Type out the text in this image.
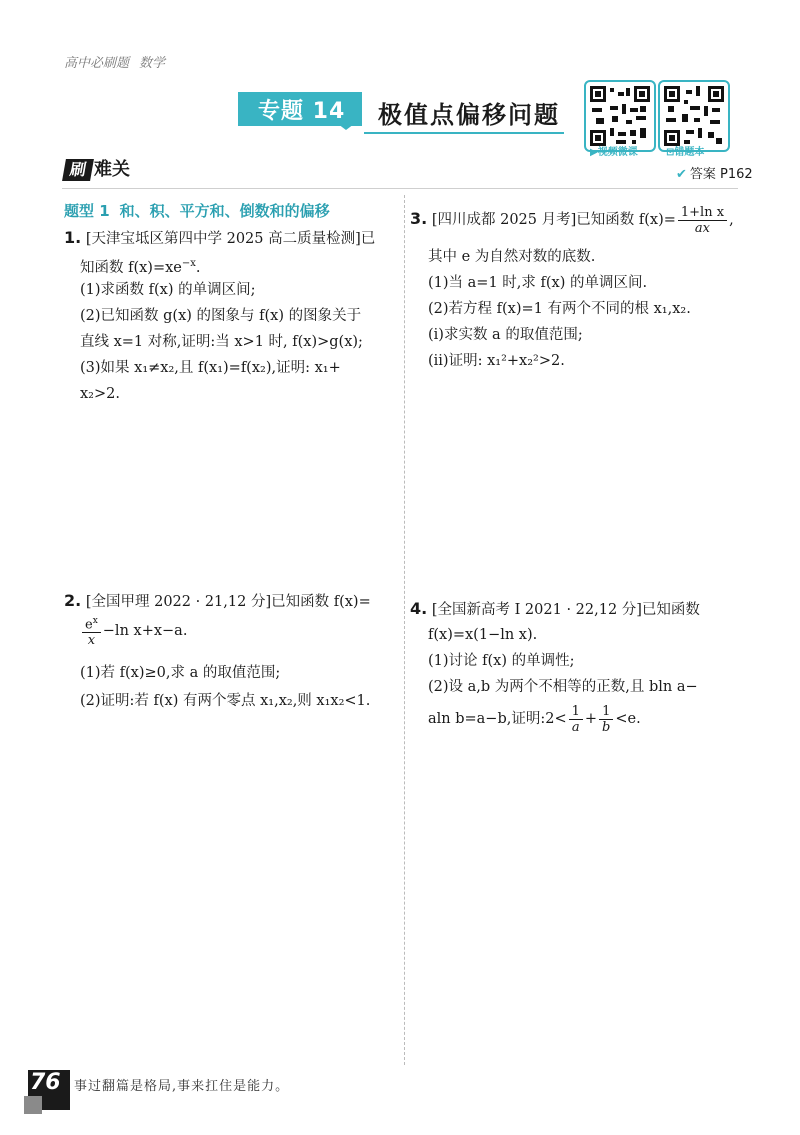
高中必刷题 数学
专题 14 极值点偏移问题
▶视频微课	⊡错题本
刷 难关	✔ 答案 P162
题型 1 和、积、平方和、倒数和的偏移
1. [天津宝坻区第四中学 2025 高二质量检测]已
知函数 $f(x)=xe^{-x}$.
(1)求函数 f(x) 的单调区间;
(2)已知函数 g(x) 的图象与 f(x) 的图象关于
直线 x=1 对称,证明:当 x>1 时, f(x)>g(x);
(3)如果 x₁≠x₂,且 f(x₁)=f(x₂),证明: x₁+
x₂>2.
2. [全国甲理 2022 · 21,12 分]已知函数 f(x)=
$\frac{e^x}{x} -\ln$ x+x−a.
(1)若 f(x)≥0,求 a 的取值范围;
(2)证明:若 f(x) 有两个零点 x₁,x₂,则 x₁x₂<1.
3. [四川成都 2025 月考]已知函数 $f(x)= \frac{\text{1+ln x}}{ax}$ ,
其中 e 为自然对数的底数.
(1)当 a=1 时,求 f(x) 的单调区间.
(2)若方程 f(x)=1 有两个不同的根 x₁,x₂.
(i)求实数 a 的取值范围;
(ii)证明: x₁²+x₂²>2.
4. [全国新高考 Ⅰ 2021 · 22,12 分]已知函数
f(x)=x(1−ln x).
(1)讨论 f(x) 的单调性;
(2)设 a,b 为两个不相等的正数,且 bln a−
aln b=a−b,证明:2< $\frac{1}{a} + \frac{1}{b} <e$.
76 事过翻篇是格局,事来扛住是能力。
